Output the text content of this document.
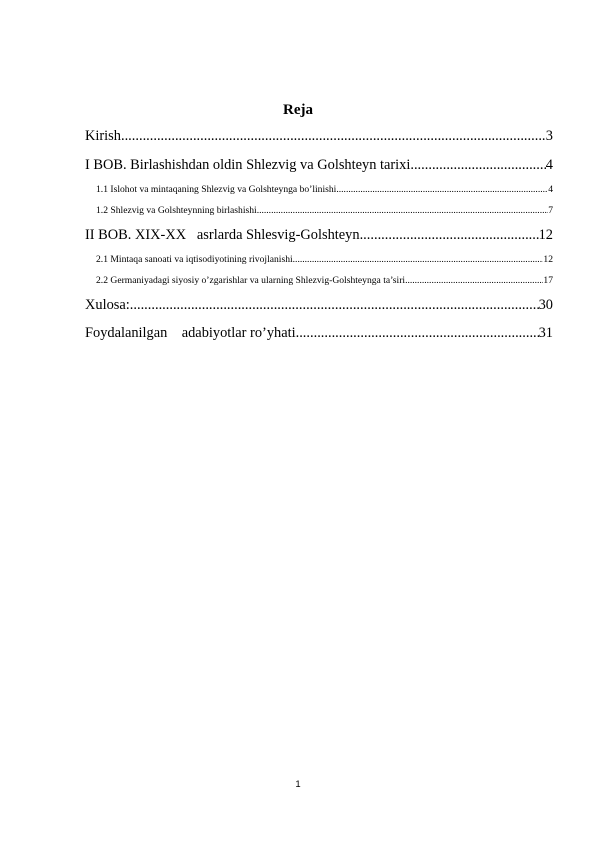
Reja
Kirish .....	3
I BOB. Birlashishdan oldin Shlezvig va Golshteyn tarixi .....	4
1.1 Islohot va mintaqaning Shlezvig va Golshteynga bo’linishi .....	4
1.2 Shlezvig va Golshteynning birlashishi .....	7
II BOB. XIX-XX   asrlarda Shlesvig-Golshteyn .....	12
2.1 Mintaqa sanoati va iqtisodiyotining rivojlanishi .....	12
2.2 Germaniyadagi siyosiy o’zgarishlar va ularning Shlezvig-Golshteynga ta’siri .....	17
Xulosa: .....	30
Foydalanilgan    adabiyotlar ro’yhati .....	31
1
